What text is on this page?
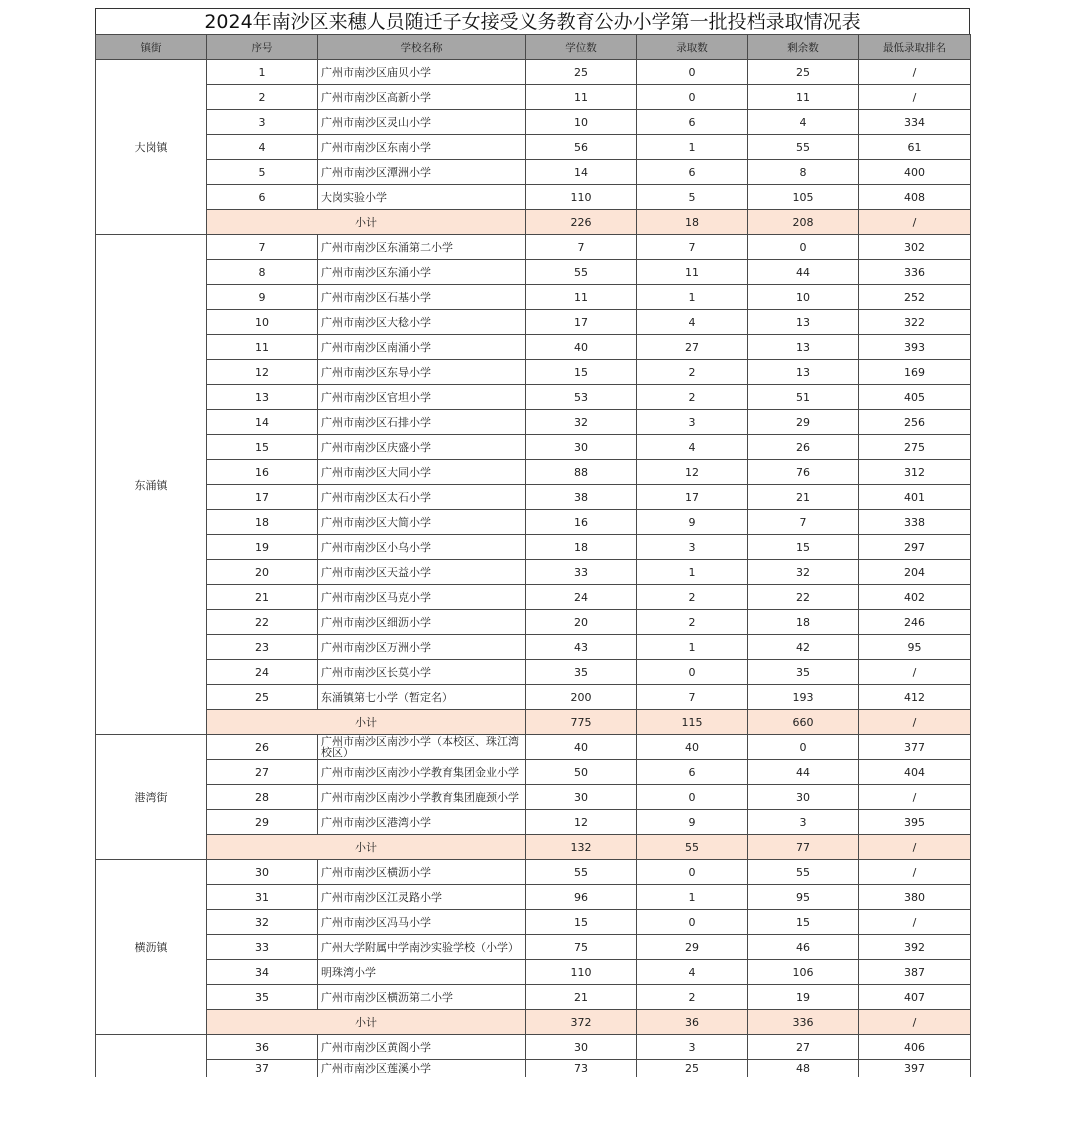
2024年南沙区来穗人员随迁子女接受义务教育公办小学第一批投档录取情况表
镇街	序号	学校名称	学位数	录取数	剩余数	最低录取排名
大岗镇	1	广州市南沙区庙贝小学	25	0	25	/
	2	广州市南沙区高新小学	11	0	11	/
	3	广州市南沙区灵山小学	10	6	4	334
	4	广州市南沙区东南小学	56	1	55	61
	5	广州市南沙区潭洲小学	14	6	8	400
	6	大岗实验小学	110	5	105	408
	小计		226	18	208	/
东涌镇	7	广州市南沙区东涌第二小学	7	7	0	302
	8	广州市南沙区东涌小学	55	11	44	336
	9	广州市南沙区石基小学	11	1	10	252
	10	广州市南沙区大稔小学	17	4	13	322
	11	广州市南沙区南涌小学	40	27	13	393
	12	广州市南沙区东导小学	15	2	13	169
	13	广州市南沙区官坦小学	53	2	51	405
	14	广州市南沙区石排小学	32	3	29	256
	15	广州市南沙区庆盛小学	30	4	26	275
	16	广州市南沙区大同小学	88	12	76	312
	17	广州市南沙区太石小学	38	17	21	401
	18	广州市南沙区大简小学	16	9	7	338
	19	广州市南沙区小乌小学	18	3	15	297
	20	广州市南沙区天益小学	33	1	32	204
	21	广州市南沙区马克小学	24	2	22	402
	22	广州市南沙区细沥小学	20	2	18	246
	23	广州市南沙区万洲小学	43	1	42	95
	24	广州市南沙区长莫小学	35	0	35	/
	25	东涌镇第七小学（暂定名）	200	7	193	412
	小计		775	115	660	/
港湾街	26	广州市南沙区南沙小学（本校区、珠江湾校区）	40	40	0	377
	27	广州市南沙区南沙小学教育集团金业小学	50	6	44	404
	28	广州市南沙区南沙小学教育集团鹿颈小学	30	0	30	/
	29	广州市南沙区港湾小学	12	9	3	395
	小计		132	55	77	/
横沥镇	30	广州市南沙区横沥小学	55	0	55	/
	31	广州市南沙区江灵路小学	96	1	95	380
	32	广州市南沙区冯马小学	15	0	15	/
	33	广州大学附属中学南沙实验学校（小学）	75	29	46	392
	34	明珠湾小学	110	4	106	387
	35	广州市南沙区横沥第二小学	21	2	19	407
	小计		372	36	336	/
	36	广州市南沙区黄阁小学	30	3	27	406
	37	广州市南沙区莲溪小学	73	25	48	397
